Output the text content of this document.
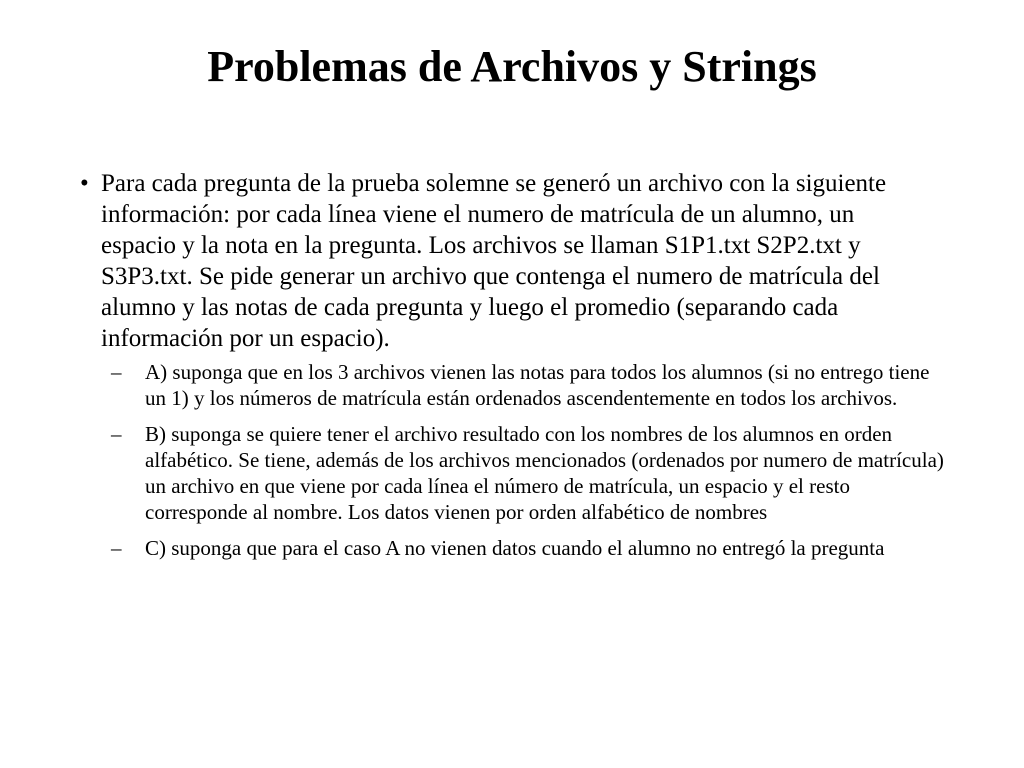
Problemas de Archivos y Strings
• Para cada pregunta de la prueba solemne se generó un archivo con la siguiente información: por cada línea viene el numero de matrícula de un alumno, un espacio y la nota en la pregunta. Los archivos se llaman S1P1.txt S2P2.txt y S3P3.txt. Se pide generar un archivo que contenga el numero de matrícula del alumno y las notas de cada pregunta y luego el promedio (separando cada información por un espacio).
– A) suponga que en los 3 archivos vienen las notas para todos los alumnos (si no entrego tiene un 1) y los números de matrícula están ordenados ascendentemente en todos los archivos.
– B) suponga se quiere tener el archivo resultado con los nombres de los alumnos en orden alfabético. Se tiene, además de los archivos mencionados (ordenados por numero de matrícula) un archivo en que viene por cada línea el número de matrícula, un espacio y el resto corresponde al nombre. Los datos vienen por orden alfabético de nombres
– C) suponga que para el caso A no vienen datos cuando el alumno no entregó la pregunta
